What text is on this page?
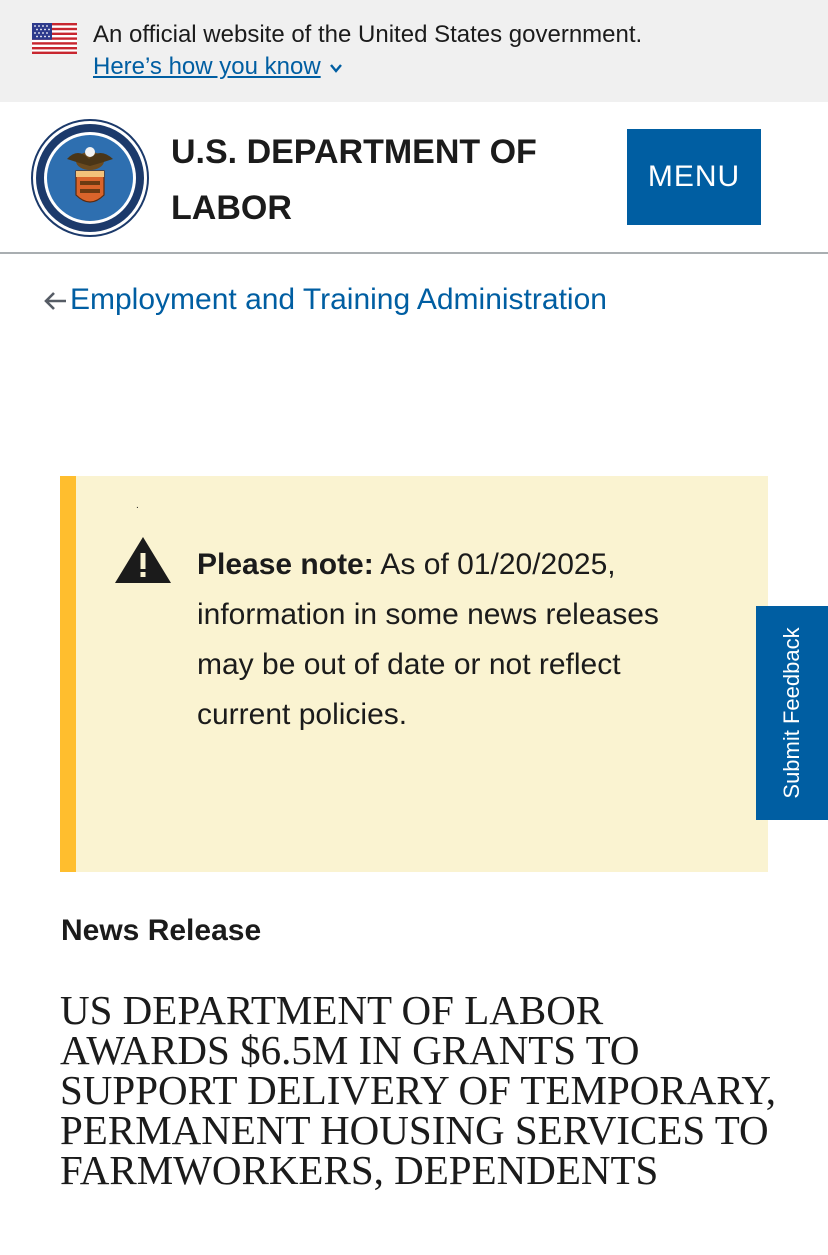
An official website of the United States government.
Here’s how you know
U.S. DEPARTMENT OF LABOR
MENU
Employment and Training Administration
.
Please note: As of 01/20/2025, information in some news releases may be out of date or not reflect current policies.	Submit Feedback
News Release
US DEPARTMENT OF LABOR AWARDS $6.5M IN GRANTS TO SUPPORT DELIVERY OF TEMPORARY, PERMANENT HOUSING SERVICES TO FARMWORKERS, DEPENDENTS
